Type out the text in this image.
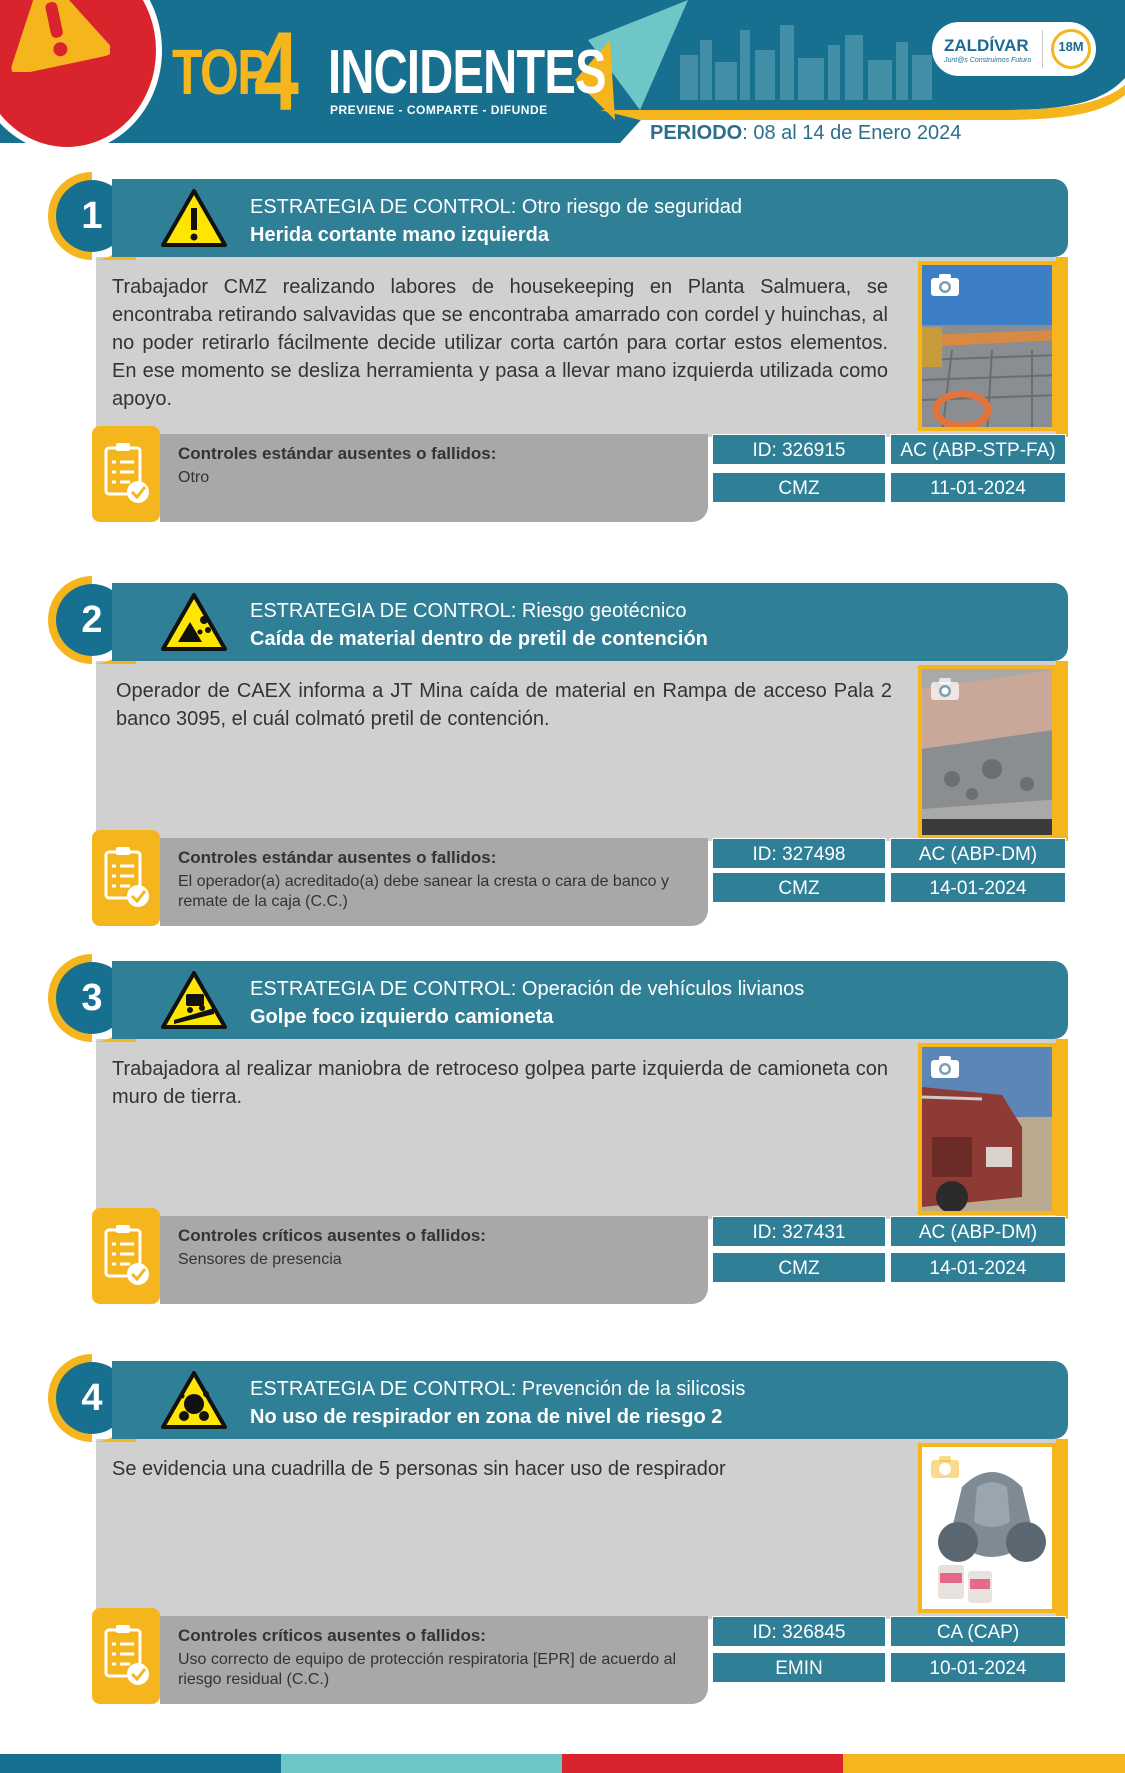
TOP
4 INCIDENTES
PREVIENE - COMPARTE - DIFUNDE
ZALDÍVAR
Junt@s Construimos Futuro
18M
PERIODO: 08 al 14 de Enero 2024
Trabajador CMZ realizando labores de housekeeping en Planta Salmuera, se encontraba retirando salvavidas que se encontraba amarrado con cordel y huinchas, al no poder retirarlo fácilmente decide utilizar corta cartón para cortar estos elementos. En ese momento se desliza herramienta y pasa a llevar mano izquierda utilizada como apoyo.
1	ESTRATEGIA DE CONTROL: Otro riesgo de seguridad
Herida cortante mano izquierda
Controles estándar ausentes o fallidos:
Otro
ID: 326915	AC (ABP-STP-FA)
CMZ	11-01-2024
Operador de CAEX informa a JT Mina caída de material en Rampa de acceso Pala 2 banco 3095, el cuál colmató pretil de contención.
2	ESTRATEGIA DE CONTROL: Riesgo geotécnico
Caída de material dentro de pretil de contención
Controles estándar ausentes o fallidos:
El operador(a) acreditado(a) debe sanear la cresta o cara de banco y remate de la caja (C.C.)
ID: 327498	AC (ABP-DM)
CMZ	14-01-2024
Trabajadora al realizar maniobra de retroceso golpea parte izquierda de camioneta con muro de tierra.
3	ESTRATEGIA DE CONTROL: Operación de vehículos livianos
Golpe foco izquierdo camioneta
Controles críticos ausentes o fallidos:
Sensores de presencia
ID: 327431	AC (ABP-DM)
CMZ	14-01-2024
Se evidencia una cuadrilla de 5 personas sin hacer uso de respirador
4	ESTRATEGIA DE CONTROL: Prevención de la silicosis
No uso de respirador en zona de nivel de riesgo 2
Controles críticos ausentes o fallidos:
Uso correcto de equipo de protección respiratoria [EPR] de acuerdo al riesgo residual (C.C.)
ID: 326845	CA (CAP)
EMIN	10-01-2024
